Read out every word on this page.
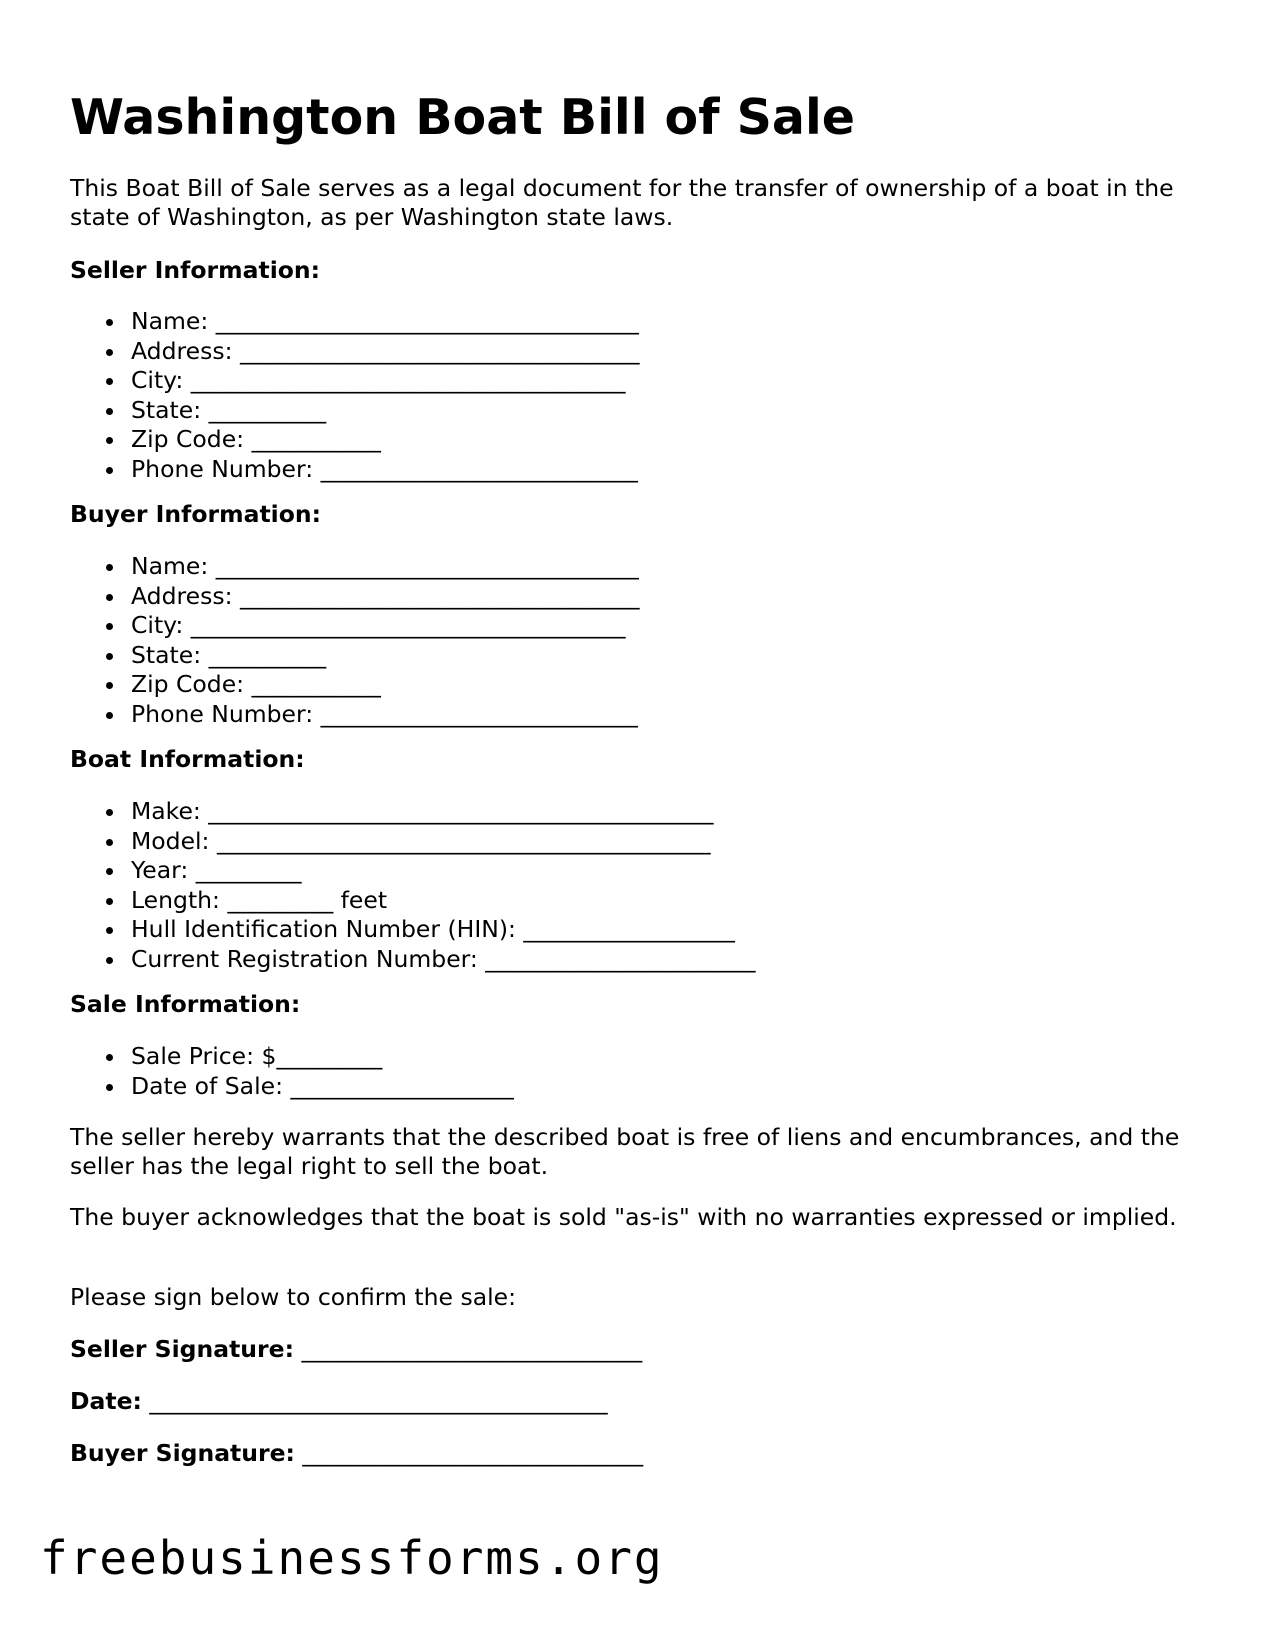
Washington Boat Bill of Sale

This Boat Bill of Sale serves as a legal document for the transfer of ownership of a boat in the state of Washington, as per Washington state laws.

Seller Information:

Name: ____________________________________
Address: __________________________________
City: _____________________________________
State: __________
Zip Code: ___________
Phone Number: ___________________________

Buyer Information:

Name: ____________________________________
Address: __________________________________
City: _____________________________________
State: __________
Zip Code: ___________
Phone Number: ___________________________

Boat Information:

Make: ___________________________________________
Model: __________________________________________
Year: _________
Length: _________ feet
Hull Identification Number (HIN): __________________
Current Registration Number: _______________________

Sale Information:

Sale Price: $_________
Date of Sale: ___________________

The seller hereby warrants that the described boat is free of liens and encumbrances, and the seller has the legal right to sell the boat.

The buyer acknowledges that the boat is sold "as-is" with no warranties expressed or implied.

Please sign below to confirm the sale:

Seller Signature: _____________________________

Date: _______________________________________

Buyer Signature: _____________________________

freebusinessforms.org
